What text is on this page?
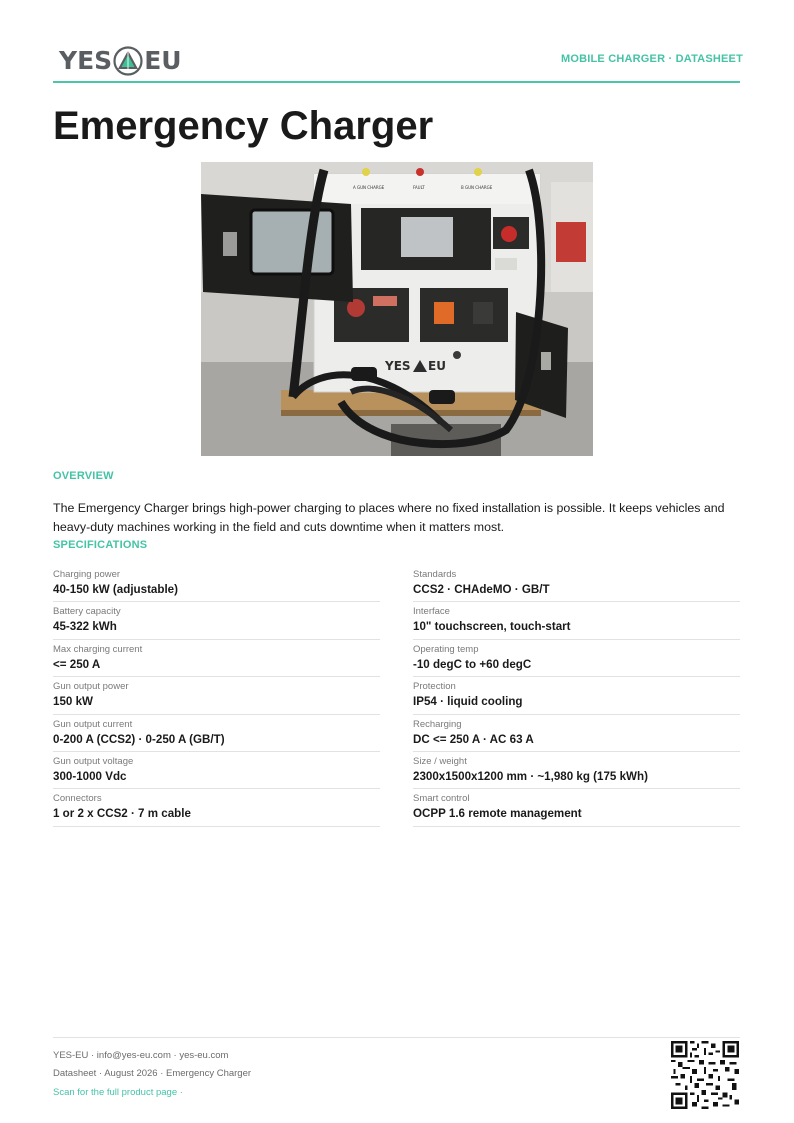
YES EU	MOBILE CHARGER · DATASHEET
Emergency Charger
A GUN CHARGE	FAULT	B GUN CHARGE
YES EU
OVERVIEW

The Emergency Charger brings high-power charging to places where no fixed installation is possible. It keeps vehicles and heavy-duty machines working in the field and cuts downtime when it matters most.

SPECIFICATIONS
Charging power
40-150 kW (adjustable)
Battery capacity
45-322 kWh
Max charging current
<= 250 A
Gun output power
150 kW
Gun output current
0-200 A (CCS2) · 0-250 A (GB/T)
Gun output voltage
300-1000 Vdc
Connectors
1 or 2 x CCS2 · 7 m cable
Standards
CCS2 · CHAdeMO · GB/T
Interface
10" touchscreen, touch-start
Operating temp
-10 degC to +60 degC
Protection
IP54 · liquid cooling
Recharging
DC <= 250 A · AC 63 A
Size / weight
2300x1500x1200 mm · ~1,980 kg (175 kWh)
Smart control
OCPP 1.6 remote management
YES-EU · info@yes-eu.com · yes-eu.com
Datasheet · August 2026 · Emergency Charger
Scan for the full product page ·
